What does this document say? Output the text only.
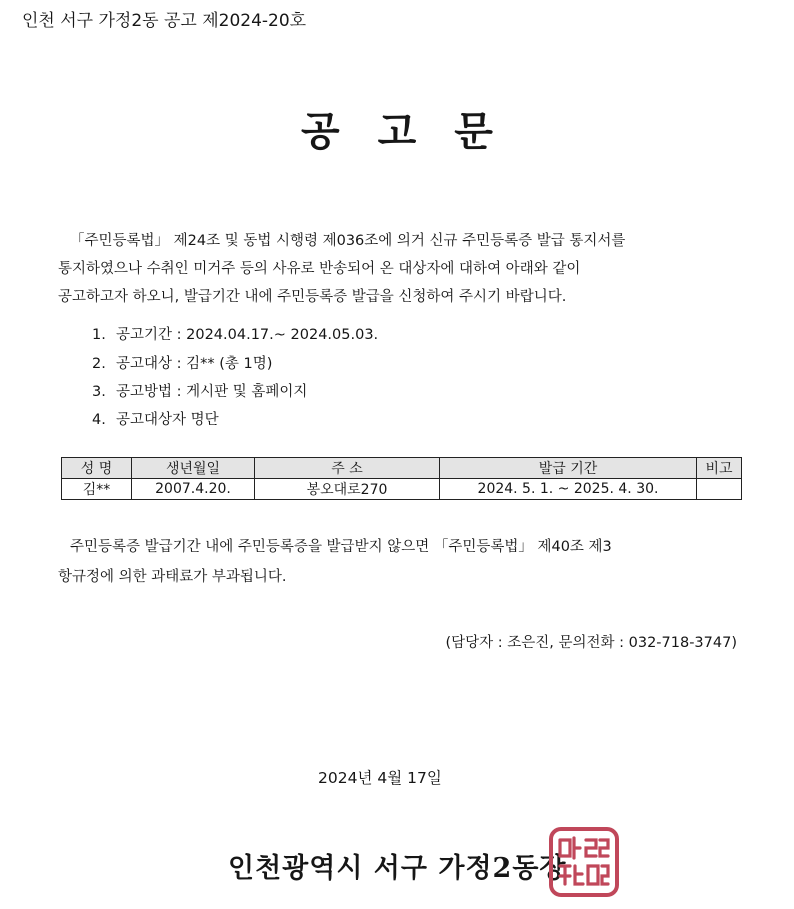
인천 서구 가정2동 공고 제2024-20호
공고문
「주민등록법」 제24조 및 동법 시행령 제036조에 의거 신규 주민등록증 발급 통지서를
통지하였으나 수취인 미거주 등의 사유로 반송되어 온 대상자에 대하여 아래와 같이
공고하고자 하오니, 발급기간 내에 주민등록증 발급을 신청하여 주시기 바랍니다.
1. 공고기간 : 2024.04.17.~ 2024.05.03.
2. 공고대상 : 김** (총 1명)
3. 공고방법 : 게시판 및 홈페이지
4. 공고대상자 명단
성 명	생년월일	주 소	발급 기간	비고
김**	2007.4.20.	봉오대로270	2024. 5. 1. ~ 2025. 4. 30.	
주민등록증 발급기간 내에 주민등록증을 발급받지 않으면 「주민등록법」 제40조 제3
항규정에 의한 과태료가 부과됩니다.
(담당자 : 조은진, 문의전화 : 032-718-3747)
2024년 4월 17일
인천광역시 서구 가정2동장
